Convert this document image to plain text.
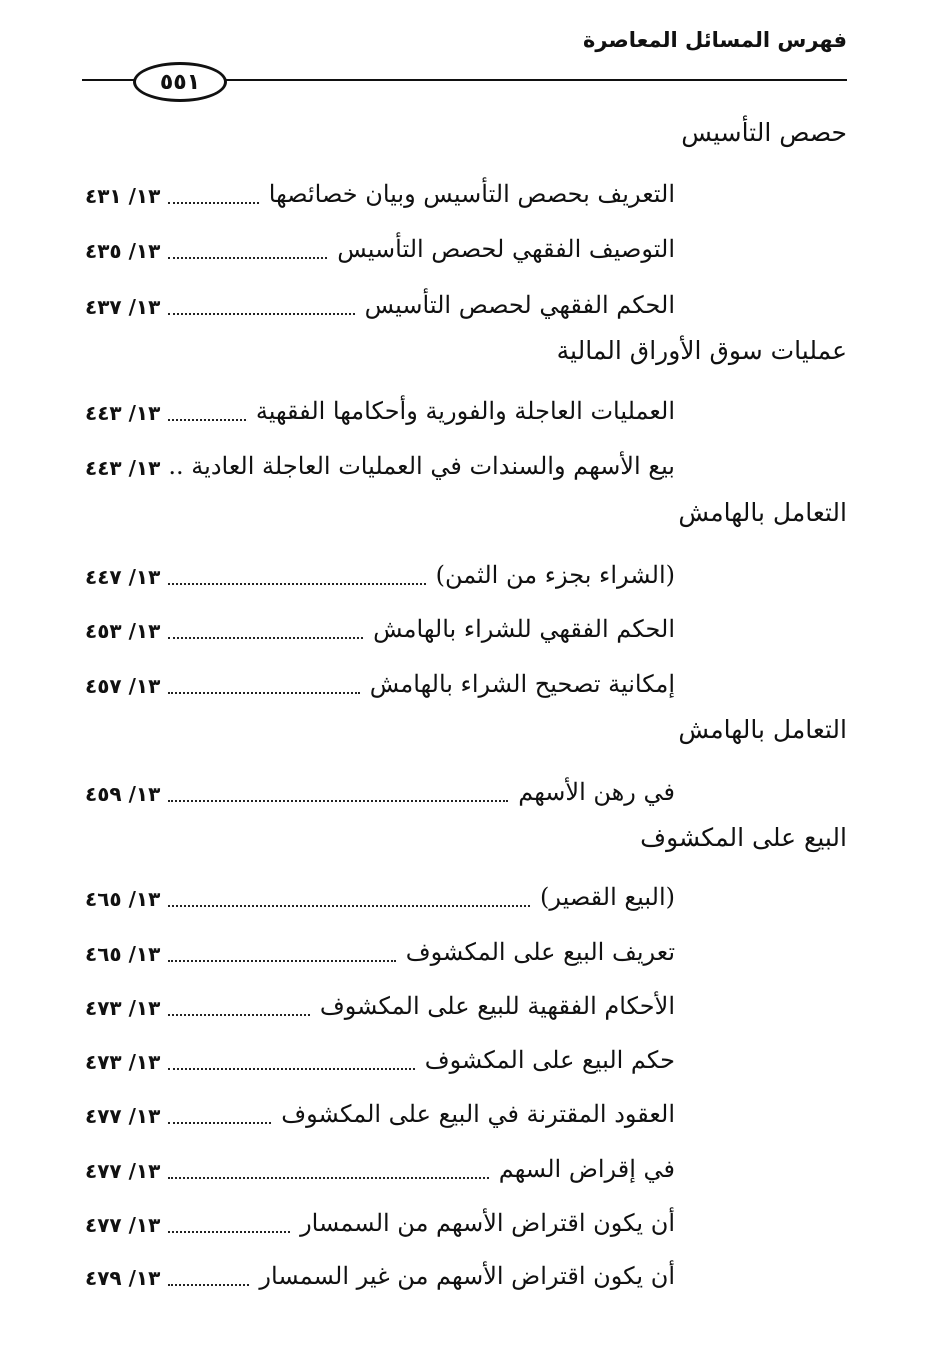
فهرس المسائل المعاصرة
٥٥١
حصص التأسيس
التعريف بحصص التأسيس وبيان خصائصها
١٣/ ٤٣١
التوصيف الفقهي لحصص التأسيس
١٣/ ٤٣٥
الحكم الفقهي لحصص التأسيس
١٣/ ٤٣٧
عمليات سوق الأوراق المالية
العمليات العاجلة والفورية وأحكامها الفقهية
١٣/ ٤٤٣
بيع الأسهم والسندات في العمليات العاجلة العادية ..
١٣/ ٤٤٣
التعامل بالهامش
(الشراء بجزء من الثمن)
١٣/ ٤٤٧
الحكم الفقهي للشراء بالهامش
١٣/ ٤٥٣
إمكانية تصحيح الشراء بالهامش
١٣/ ٤٥٧
التعامل بالهامش
في رهن الأسهم
١٣/ ٤٥٩
البيع على المكشوف
(البيع القصير)
١٣/ ٤٦٥
تعريف البيع على المكشوف
١٣/ ٤٦٥
الأحكام الفقهية للبيع على المكشوف
١٣/ ٤٧٣
حكم البيع على المكشوف
١٣/ ٤٧٣
العقود المقترنة في البيع على المكشوف
١٣/ ٤٧٧
في إقراض السهم
١٣/ ٤٧٧
أن يكون اقتراض الأسهم من السمسار
١٣/ ٤٧٧
أن يكون اقتراض الأسهم من غير السمسار
١٣/ ٤٧٩
